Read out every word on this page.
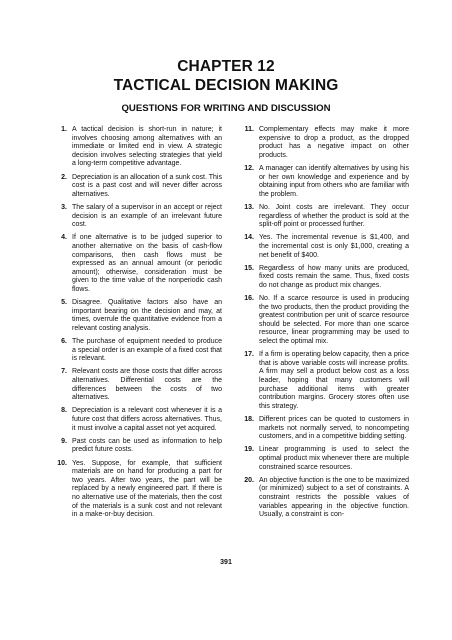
CHAPTER 12
TACTICAL DECISION MAKING
QUESTIONS FOR WRITING AND DISCUSSION
1. A tactical decision is short-run in nature; it involves choosing among alternatives with an immediate or limited end in view. A strategic decision involves selecting strategies that yield a long-term competitive advantage.
2. Depreciation is an allocation of a sunk cost. This cost is a past cost and will never differ across alternatives.
3. The salary of a supervisor in an accept or reject decision is an example of an irrelevant future cost.
4. If one alternative is to be judged superior to another alternative on the basis of cash-flow comparisons, then cash flows must be expressed as an annual amount (or periodic amount); otherwise, consideration must be given to the time value of the nonperiodic cash flows.
5. Disagree. Qualitative factors also have an important bearing on the decision and may, at times, overrule the quantitative evidence from a relevant costing analysis.
6. The purchase of equipment needed to produce a special order is an example of a fixed cost that is relevant.
7. Relevant costs are those costs that differ across alternatives. Differential costs are the differences between the costs of two alternatives.
8. Depreciation is a relevant cost whenever it is a future cost that differs across alternatives. Thus, it must involve a capital asset not yet acquired.
9. Past costs can be used as information to help predict future costs.
10. Yes. Suppose, for example, that sufficient materials are on hand for producing a part for two years. After two years, the part will be replaced by a newly engineered part. If there is no alternative use of the materials, then the cost of the materials is a sunk cost and not relevant in a make-or-buy decision.
11. Complementary effects may make it more expensive to drop a product, as the dropped product has a negative impact on other products.
12. A manager can identify alternatives by using his or her own knowledge and experience and by obtaining input from others who are familiar with the problem.
13. No. Joint costs are irrelevant. They occur regardless of whether the product is sold at the split-off point or processed further.
14. Yes. The incremental revenue is $1,400, and the incremental cost is only $1,000, creating a net benefit of $400.
15. Regardless of how many units are produced, fixed costs remain the same. Thus, fixed costs do not change as product mix changes.
16. No. If a scarce resource is used in producing the two products, then the product providing the greatest contribution per unit of scarce resource should be selected. For more than one scarce resource, linear programming may be used to select the optimal mix.
17. If a firm is operating below capacity, then a price that is above variable costs will increase profits. A firm may sell a product below cost as a loss leader, hoping that many customers will purchase additional items with greater contribution margins. Grocery stores often use this strategy.
18. Different prices can be quoted to customers in markets not normally served, to noncompeting customers, and in a competitive bidding setting.
19. Linear programming is used to select the optimal product mix whenever there are multiple constrained scarce resources.
20. An objective function is the one to be maximized (or minimized) subject to a set of constraints. A constraint restricts the possible values of variables appearing in the objective function. Usually, a constraint is con-
391
